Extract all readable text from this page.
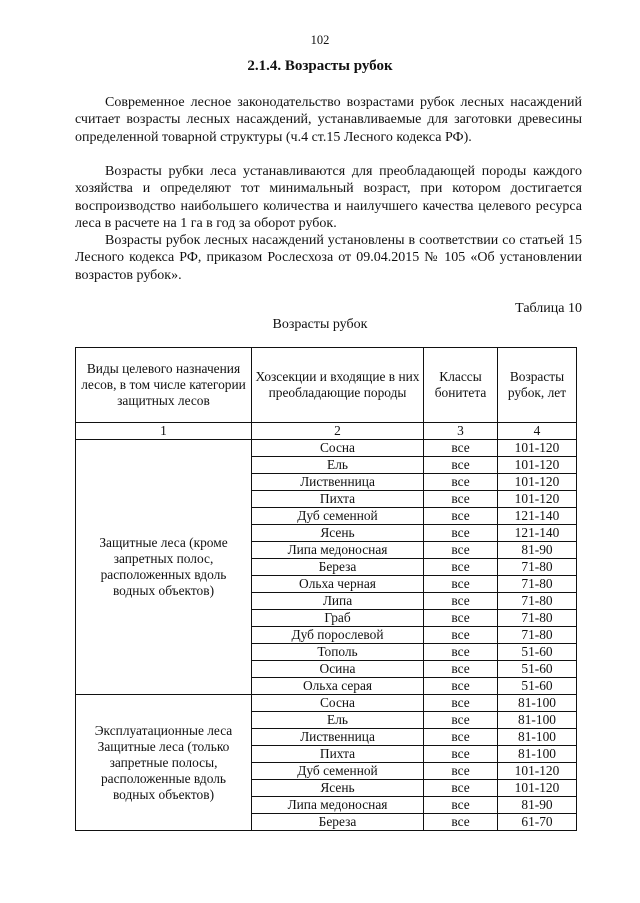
102
2.1.4. Возрасты рубок

Современное лесное законодательство возрастами рубок лесных насаждений считает возрасты лесных насаждений, устанавливаемые для заготовки древесины определенной товарной структуры (ч.4 ст.15 Лесного кодекса РФ).

Возрасты рубки леса устанавливаются для преобладающей породы каждого хозяйства и определяют тот минимальный возраст, при котором достигается воспроизводство наибольшего количества и наилучшего качества целевого ресурса леса в расчете на 1 га в год за оборот рубок.

Возрасты рубок лесных насаждений установлены в соответствии со статьей 15 Лесного кодекса РФ, приказом Рослесхоза от 09.04.2015 № 105 «Об установлении возрастов рубок».

Таблица 10
Возрасты рубок
Виды целевого назначения лесов, в том числе категории защитных лесов	Хозсекции и входящие в них преобладающие породы	Классы бонитета	Возрасты рубок, лет
1	2	3	4
Защитные леса (кроме запретных полос, расположенных вдоль водных объектов)	Сосна	все	101-120
	Ель	все	101-120
	Лиственница	все	101-120
	Пихта	все	101-120
	Дуб семенной	все	121-140
	Ясень	все	121-140
	Липа медоносная	все	81-90
	Береза	все	71-80
	Ольха черная	все	71-80
	Липа	все	71-80
	Граб	все	71-80
	Дуб порослевой	все	71-80
	Тополь	все	51-60
	Осина	все	51-60
	Ольха серая	все	51-60
Эксплуатационные леса Защитные леса (только запретные полосы, расположенные вдоль водных объектов)	Сосна	все	81-100
	Ель	все	81-100
	Лиственница	все	81-100
	Пихта	все	81-100
	Дуб семенной	все	101-120
	Ясень	все	101-120
	Липа медоносная	все	81-90
	Береза	все	61-70
